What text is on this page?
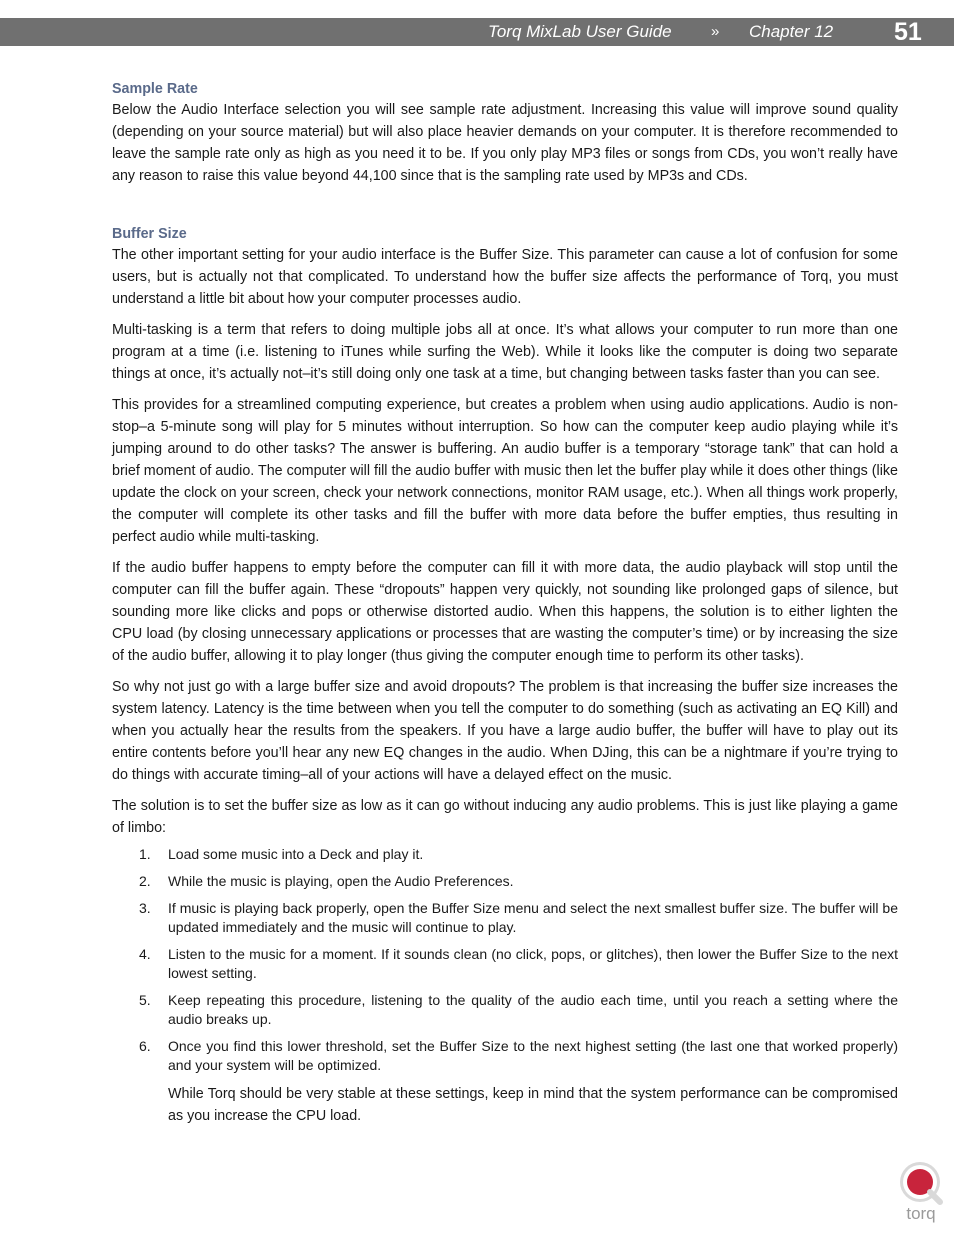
Torq MixLab User Guide	» Chapter 12 51
Sample Rate

Below the Audio Interface selection you will see sample rate adjustment. Increasing this value will improve sound quality (depending on your source material) but will also place heavier demands on your computer. It is therefore recommended to leave the sample rate only as high as you need it to be. If you only play MP3 files or songs from CDs, you won’t really have any reason to raise this value beyond 44,100 since that is the sampling rate used by MP3s and CDs.

Buffer Size

The other important setting for your audio interface is the Buffer Size. This parameter can cause a lot of confusion for some users, but is actually not that complicated. To understand how the buffer size affects the performance of Torq, you must understand a little bit about how your computer processes audio.

Multi-tasking is a term that refers to doing multiple jobs all at once. It’s what allows your computer to run more than one program at a time (i.e. listening to iTunes while surfing the Web). While it looks like the computer is doing two separate things at once, it’s actually not–it’s still doing only one task at a time, but changing between tasks faster than you can see.

This provides for a streamlined computing experience, but creates a problem when using audio applications. Audio is non-stop–a 5-minute song will play for 5 minutes without interruption. So how can the computer keep audio playing while it’s jumping around to do other tasks? The answer is buffering. An audio buffer is a temporary “storage tank” that can hold a brief moment of audio. The computer will fill the audio buffer with music then let the buffer play while it does other things (like update the clock on your screen, check your network connections, monitor RAM usage, etc.). When all things work properly, the computer will complete its other tasks and fill the buffer with more data before the buffer empties, thus resulting in perfect audio while multi-tasking.

If the audio buffer happens to empty before the computer can fill it with more data, the audio playback will stop until the computer can fill the buffer again. These “dropouts” happen very quickly, not sounding like prolonged gaps of silence, but sounding more like clicks and pops or otherwise distorted audio. When this happens, the solution is to either lighten the CPU load (by closing unnecessary applications or processes that are wasting the computer’s time) or by increasing the size of the audio buffer, allowing it to play longer (thus giving the computer enough time to perform its other tasks).

So why not just go with a large buffer size and avoid dropouts? The problem is that increasing the buffer size increases the system latency. Latency is the time between when you tell the computer to do something (such as activating an EQ Kill) and when you actually hear the results from the speakers. If you have a large audio buffer, the buffer will have to play out its entire contents before you’ll hear any new EQ changes in the audio. When DJing, this can be a nightmare if you’re trying to do things with accurate timing–all of your actions will have a delayed effect on the music.

The solution is to set the buffer size as low as it can go without inducing any audio problems. This is just like playing a game of limbo:

1. Load some music into a Deck and play it.
2. While the music is playing, open the Audio Preferences.
3. If music is playing back properly, open the Buffer Size menu and select the next smallest buffer size. The buffer will be updated immediately and the music will continue to play.
4. Listen to the music for a moment. If it sounds clean (no click, pops, or glitches), then lower the Buffer Size to the next lowest setting.
5. Keep repeating this procedure, listening to the quality of the audio each time, until you reach a setting where the audio breaks up.
6. Once you find this lower threshold, set the Buffer Size to the next highest setting (the last one that worked properly) and your system will be optimized.
While Torq should be very stable at these settings, keep in mind that the system performance can be compromised as you increase the CPU load.
torq
